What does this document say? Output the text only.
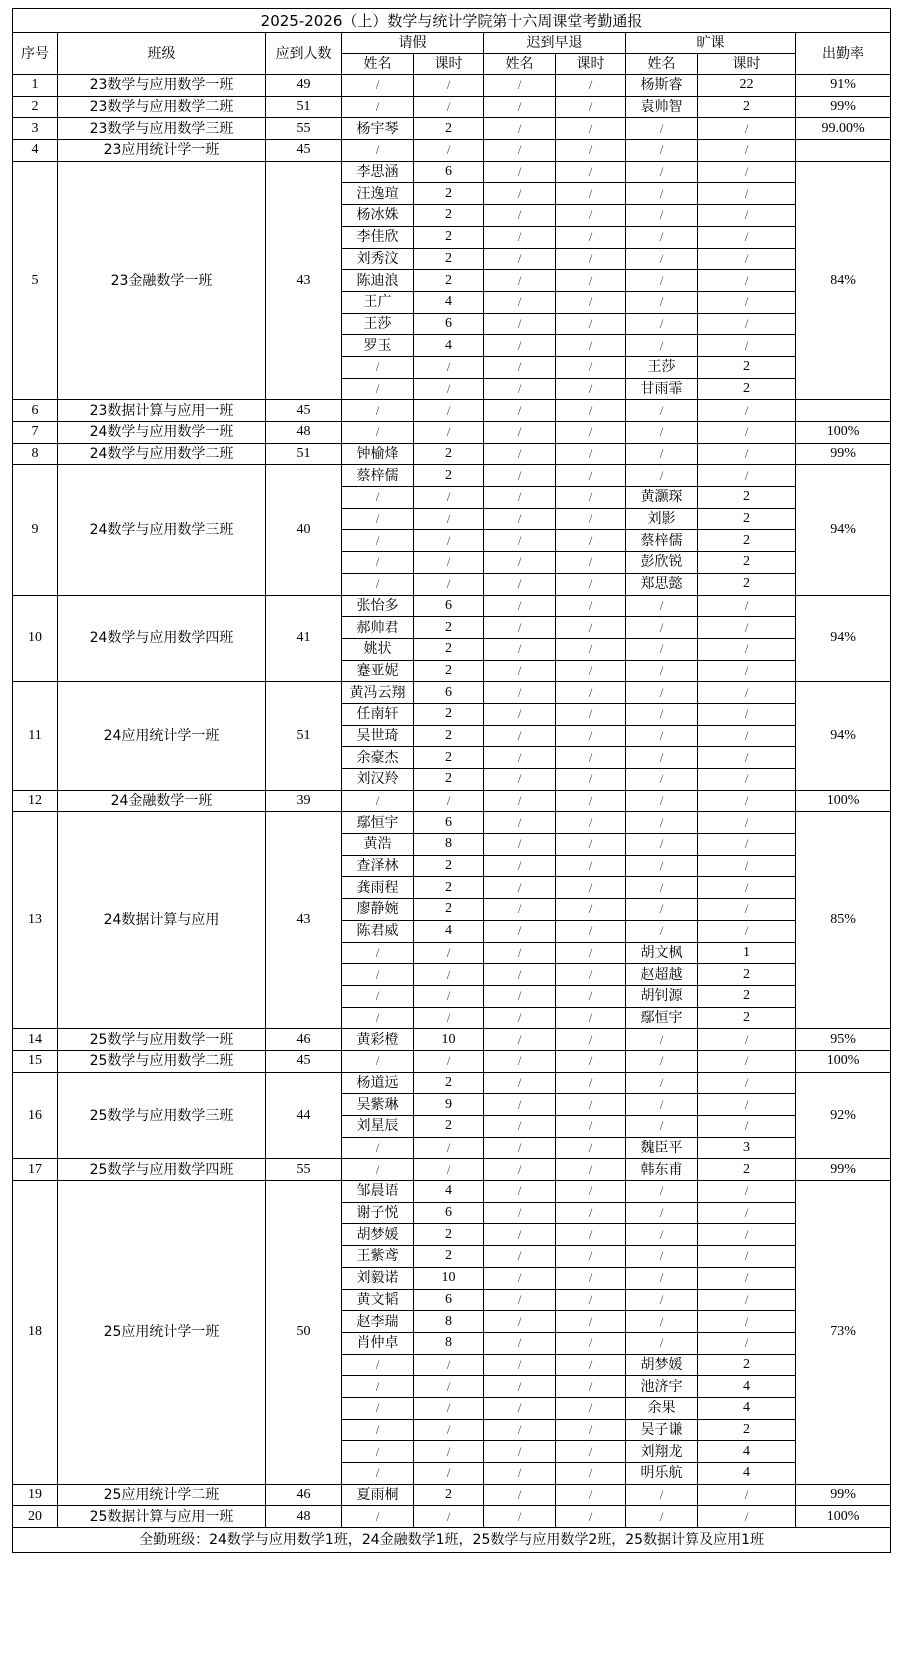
2025-2026（上）数学与统计学院第十六周课堂考勤通报									
序号	班级	应到人数	请假		迟到早退		旷课		出勤率
			姓名	课时	姓名	课时	姓名	课时	
1	23数学与应用数学一班	49	/	/	/	/	杨斯睿	22	91%
2	23数学与应用数学二班	51	/	/	/	/	袁帅智	2	99%
3	23数学与应用数学三班	55	杨宇琴	2	/	/	/	/	99.00%
4	23应用统计学一班	45	/	/	/	/	/	/	
5	23金融数学一班	43	李思涵	6	/	/	/	/	84%
			汪逸瑄	2	/	/	/	/	
			杨冰姝	2	/	/	/	/	
			李佳欣	2	/	/	/	/	
			刘秀汶	2	/	/	/	/	
			陈迪浪	2	/	/	/	/	
			王广	4	/	/	/	/	
			王莎	6	/	/	/	/	
			罗玉	4	/	/	/	/	
			/	/	/	/	王莎	2	
			/	/	/	/	甘雨霏	2	
6	23数据计算与应用一班	45	/	/	/	/	/	/	
7	24数学与应用数学一班	48	/	/	/	/	/	/	100%
8	24数学与应用数学二班	51	钟榆烽	2	/	/	/	/	99%
9	24数学与应用数学三班	40	蔡梓儒	2	/	/	/	/	94%
			/	/	/	/	黄灏琛	2	
			/	/	/	/	刘影	2	
			/	/	/	/	蔡梓儒	2	
			/	/	/	/	彭欣锐	2	
			/	/	/	/	郑思懿	2	
10	24数学与应用数学四班	41	张怡多	6	/	/	/	/	94%
			郝帅君	2	/	/	/	/	
			姚状	2	/	/	/	/	
			蹇亚妮	2	/	/	/	/	
11	24应用统计学一班	51	黄冯云翔	6	/	/	/	/	94%
			任南轩	2	/	/	/	/	
			吴世琦	2	/	/	/	/	
			余豪杰	2	/	/	/	/	
			刘汉羚	2	/	/	/	/	
12	24金融数学一班	39	/	/	/	/	/	/	100%
13	24数据计算与应用	43	鄢恒宇	6	/	/	/	/	85%
			黄浩	8	/	/	/	/	
			查泽林	2	/	/	/	/	
			龚雨程	2	/	/	/	/	
			廖静婉	2	/	/	/	/	
			陈君威	4	/	/	/	/	
			/	/	/	/	胡文枫	1	
			/	/	/	/	赵超越	2	
			/	/	/	/	胡钊源	2	
			/	/	/	/	鄢恒宇	2	
14	25数学与应用数学一班	46	黄彩橙	10	/	/	/	/	95%
15	25数学与应用数学二班	45	/	/	/	/	/	/	100%
16	25数学与应用数学三班	44	杨道远	2	/	/	/	/	92%
			吴紫琳	9	/	/	/	/	
			刘星辰	2	/	/	/	/	
			/	/	/	/	魏臣平	3	
17	25数学与应用数学四班	55	/	/	/	/	韩东甫	2	99%
18	25应用统计学一班	50	邹晨语	4	/	/	/	/	73%
			谢子悦	6	/	/	/	/	
			胡梦媛	2	/	/	/	/	
			王紫鸢	2	/	/	/	/	
			刘毅诺	10	/	/	/	/	
			黄文韬	6	/	/	/	/	
			赵李瑞	8	/	/	/	/	
			肖仲卓	8	/	/	/	/	
			/	/	/	/	胡梦媛	2	
			/	/	/	/	池济宇	4	
			/	/	/	/	余果	4	
			/	/	/	/	吴子谦	2	
			/	/	/	/	刘翔龙	4	
			/	/	/	/	明乐航	4	
19	25应用统计学二班	46	夏雨桐	2	/	/	/	/	99%
20	25数据计算与应用一班	48	/	/	/	/	/	/	100%
全勤班级：24数学与应用数学1班，24金融数学1班，25数学与应用数学2班，25数据计算及应用1班									
